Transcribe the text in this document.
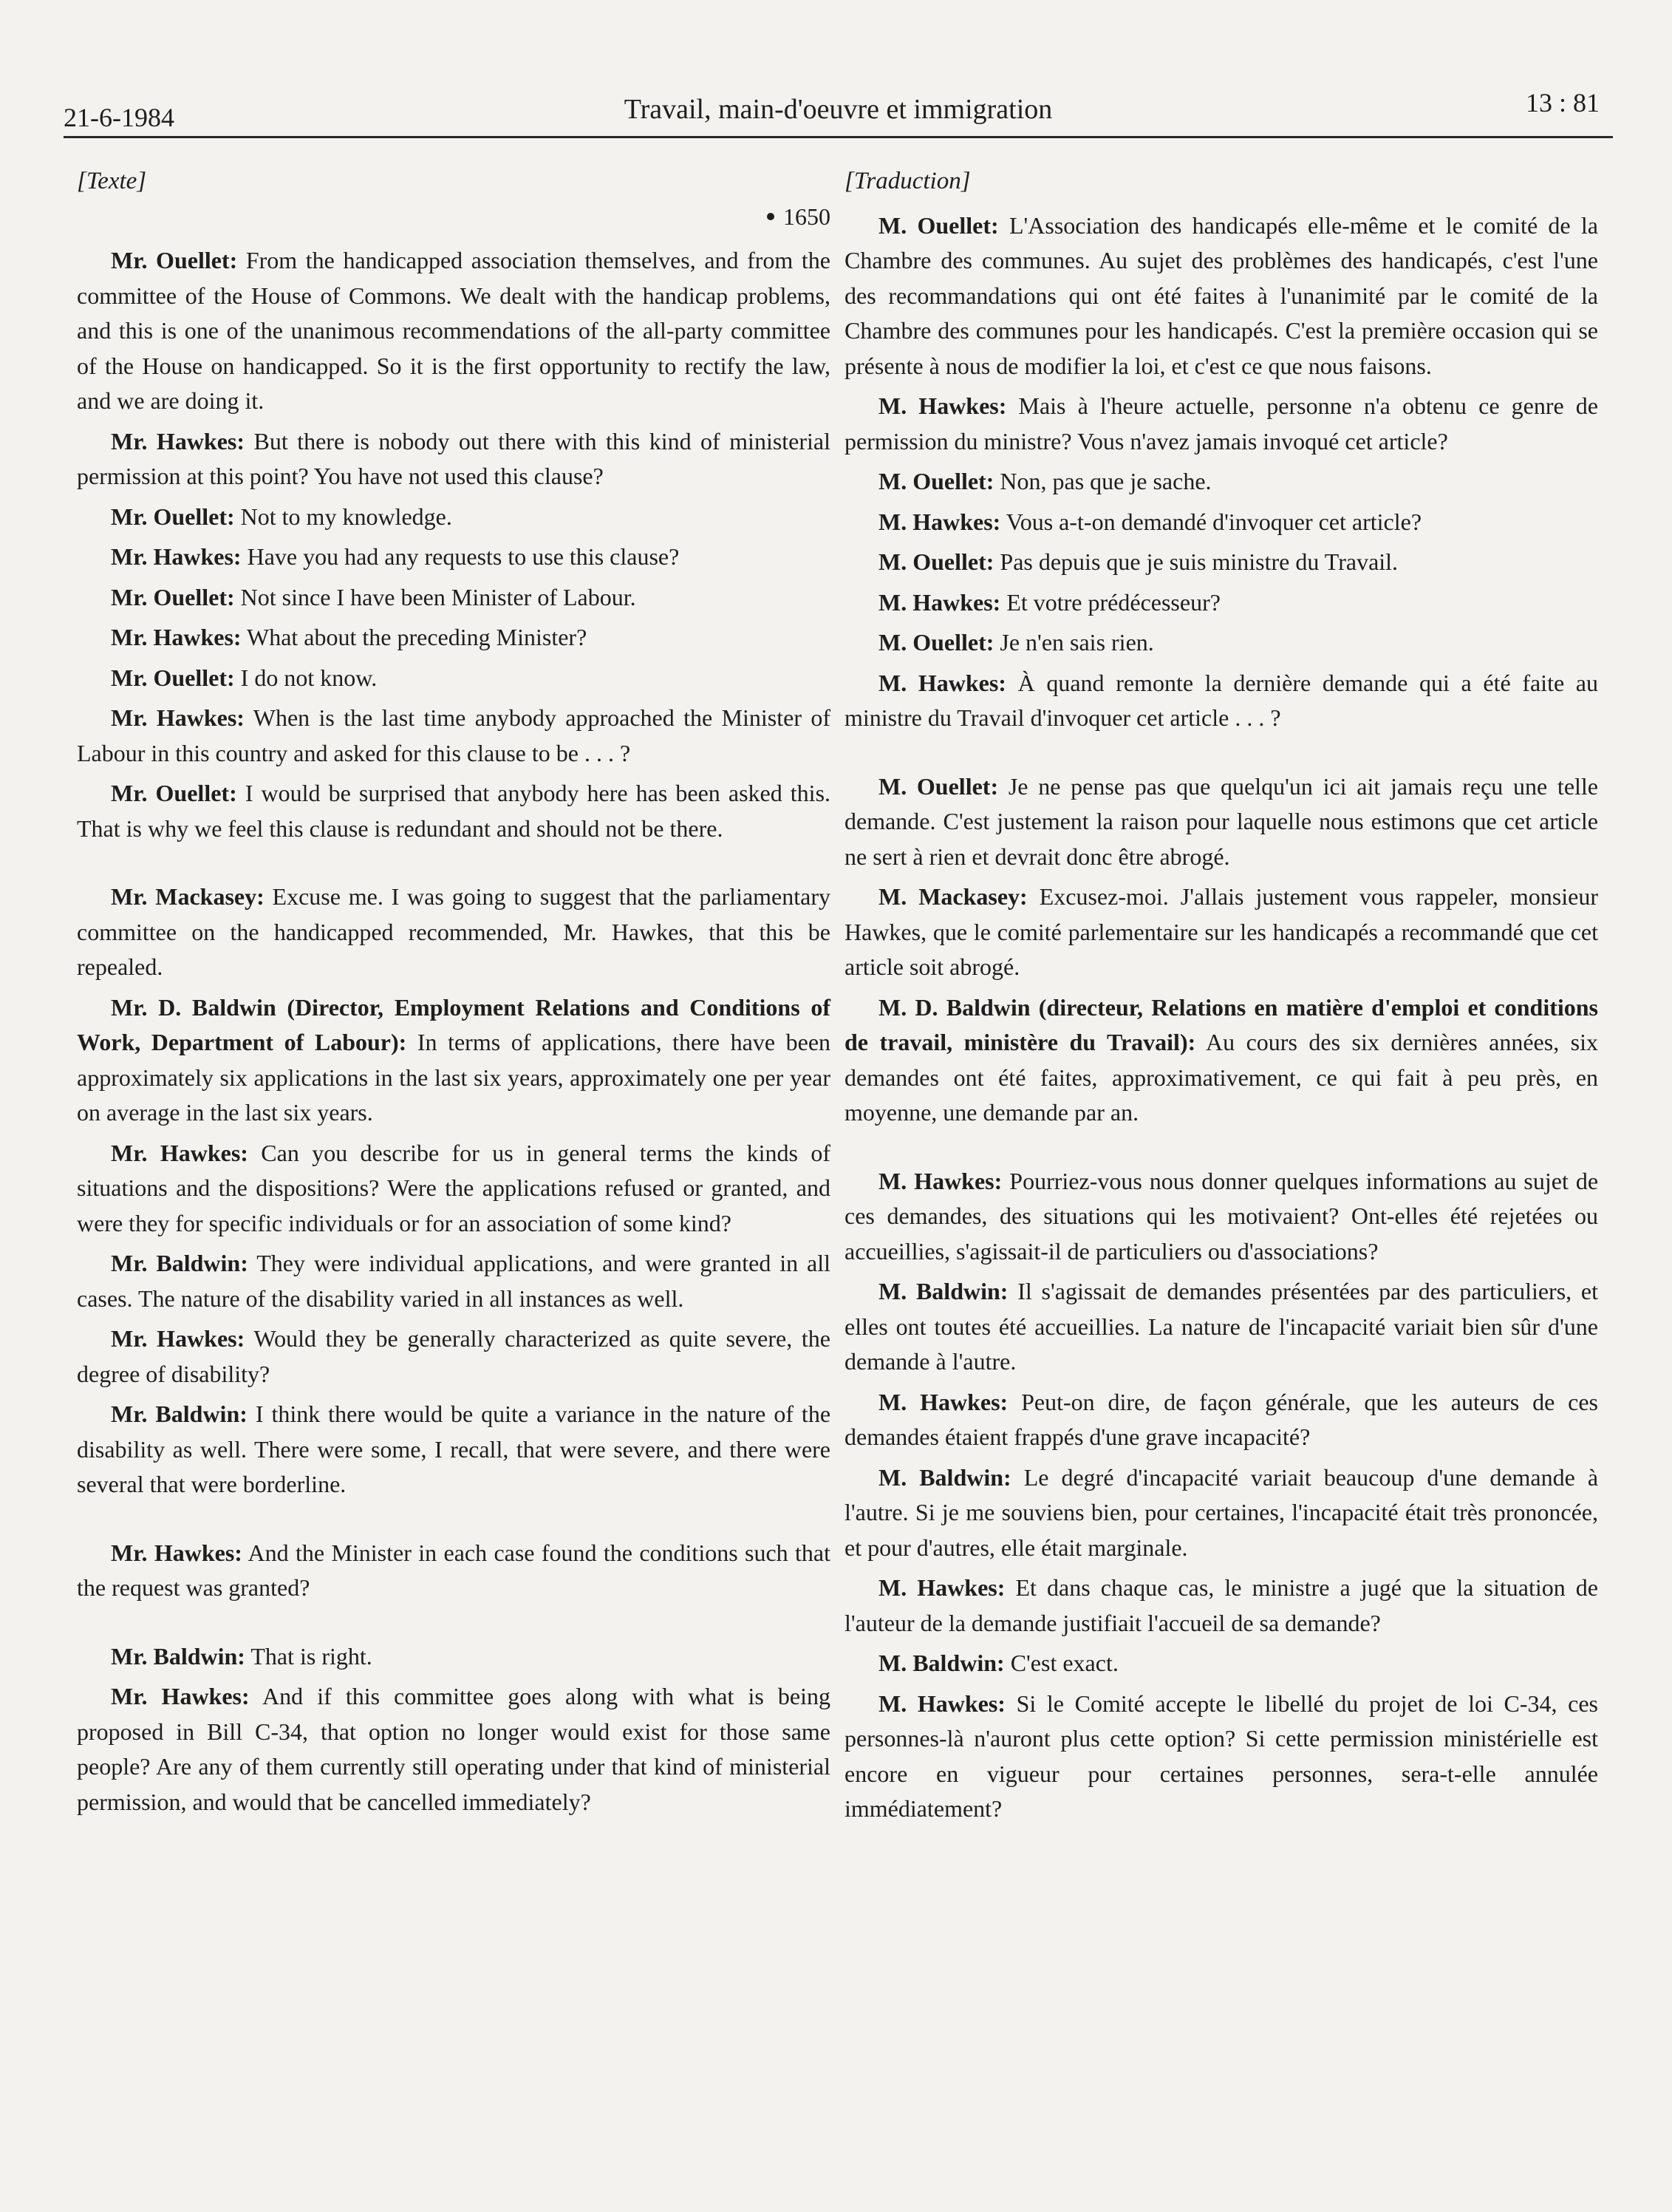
21-6-1984	Travail, main-d'oeuvre et immigration	13 : 81
[Texte]
1650

Mr. Ouellet: From the handicapped association themselves, and from the committee of the House of Commons. We dealt with the handicap problems, and this is one of the unanimous recommendations of the all-party committee of the House on handicapped. So it is the first opportunity to rectify the law, and we are doing it.

Mr. Hawkes: But there is nobody out there with this kind of ministerial permission at this point? You have not used this clause?

Mr. Ouellet: Not to my knowledge.

Mr. Hawkes: Have you had any requests to use this clause?

Mr. Ouellet: Not since I have been Minister of Labour.

Mr. Hawkes: What about the preceding Minister?

Mr. Ouellet: I do not know.

Mr. Hawkes: When is the last time anybody approached the Minister of Labour in this country and asked for this clause to be . . . ?

Mr. Ouellet: I would be surprised that anybody here has been asked this. That is why we feel this clause is redundant and should not be there.

Mr. Mackasey: Excuse me. I was going to suggest that the parliamentary committee on the handicapped recommended, Mr. Hawkes, that this be repealed.

Mr. D. Baldwin (Director, Employment Relations and Conditions of Work, Department of Labour): In terms of applications, there have been approximately six applications in the last six years, approximately one per year on average in the last six years.

Mr. Hawkes: Can you describe for us in general terms the kinds of situations and the dispositions? Were the applications refused or granted, and were they for specific individuals or for an association of some kind?

Mr. Baldwin: They were individual applications, and were granted in all cases. The nature of the disability varied in all instances as well.

Mr. Hawkes: Would they be generally characterized as quite severe, the degree of disability?

Mr. Baldwin: I think there would be quite a variance in the nature of the disability as well. There were some, I recall, that were severe, and there were several that were borderline.

Mr. Hawkes: And the Minister in each case found the conditions such that the request was granted?

Mr. Baldwin: That is right.

Mr. Hawkes: And if this committee goes along with what is being proposed in Bill C-34, that option no longer would exist for those same people? Are any of them currently still operating under that kind of ministerial permission, and would that be cancelled immediately?

[Traduction]

M. Ouellet: L'Association des handicapés elle-même et le comité de la Chambre des communes. Au sujet des problèmes des handicapés, c'est l'une des recommandations qui ont été faites à l'unanimité par le comité de la Chambre des communes pour les handicapés. C'est la première occasion qui se présente à nous de modifier la loi, et c'est ce que nous faisons.

M. Hawkes: Mais à l'heure actuelle, personne n'a obtenu ce genre de permission du ministre? Vous n'avez jamais invoqué cet article?

M. Ouellet: Non, pas que je sache.

M. Hawkes: Vous a-t-on demandé d'invoquer cet article?

M. Ouellet: Pas depuis que je suis ministre du Travail.

M. Hawkes: Et votre prédécesseur?

M. Ouellet: Je n'en sais rien.

M. Hawkes: À quand remonte la dernière demande qui a été faite au ministre du Travail d'invoquer cet article . . . ?

M. Ouellet: Je ne pense pas que quelqu'un ici ait jamais reçu une telle demande. C'est justement la raison pour laquelle nous estimons que cet article ne sert à rien et devrait donc être abrogé.

M. Mackasey: Excusez-moi. J'allais justement vous rappeler, monsieur Hawkes, que le comité parlementaire sur les handicapés a recommandé que cet article soit abrogé.

M. D. Baldwin (directeur, Relations en matière d'emploi et conditions de travail, ministère du Travail): Au cours des six dernières années, six demandes ont été faites, approximativement, ce qui fait à peu près, en moyenne, une demande par an.

M. Hawkes: Pourriez-vous nous donner quelques informations au sujet de ces demandes, des situations qui les motivaient? Ont-elles été rejetées ou accueillies, s'agissait-il de particuliers ou d'associations?

M. Baldwin: Il s'agissait de demandes présentées par des particuliers, et elles ont toutes été accueillies. La nature de l'incapacité variait bien sûr d'une demande à l'autre.

M. Hawkes: Peut-on dire, de façon générale, que les auteurs de ces demandes étaient frappés d'une grave incapacité?

M. Baldwin: Le degré d'incapacité variait beaucoup d'une demande à l'autre. Si je me souviens bien, pour certaines, l'incapacité était très prononcée, et pour d'autres, elle était marginale.

M. Hawkes: Et dans chaque cas, le ministre a jugé que la situation de l'auteur de la demande justifiait l'accueil de sa demande?

M. Baldwin: C'est exact.

M. Hawkes: Si le Comité accepte le libellé du projet de loi C-34, ces personnes-là n'auront plus cette option? Si cette permission ministérielle est encore en vigueur pour certaines personnes, sera-t-elle annulée immédiatement?
